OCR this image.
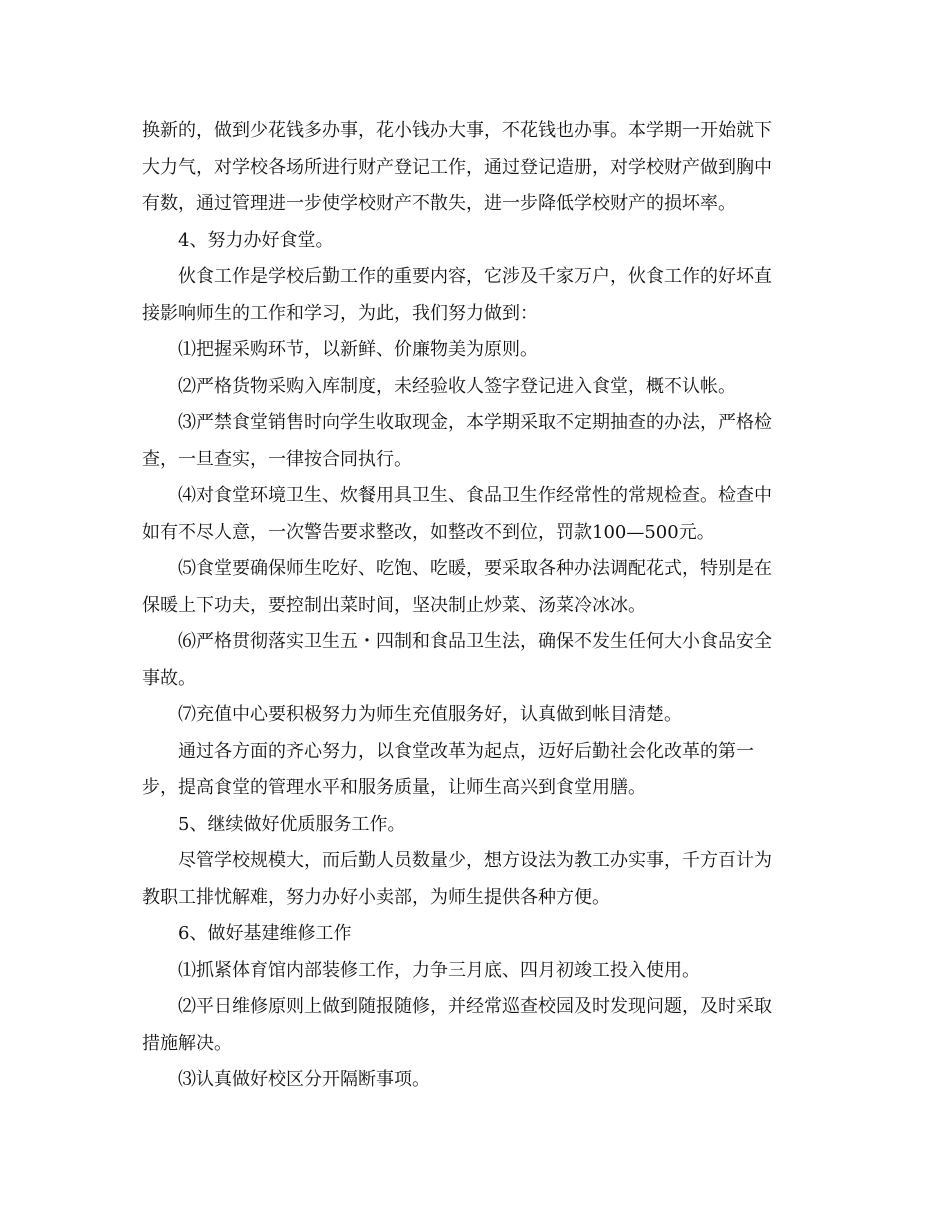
换新的，做到少花钱多办事，花小钱办大事，不花钱也办事。本学期一开始就下
大力气，对学校各场所进行财产登记工作，通过登记造册，对学校财产做到胸中
有数，通过管理进一步使学校财产不散失，进一步降低学校财产的损坏率。

4、努力办好食堂。

伙食工作是学校后勤工作的重要内容，它涉及千家万户，伙食工作的好坏直
接影响师生的工作和学习，为此，我们努力做到：

⑴把握采购环节，以新鲜、价廉物美为原则。

⑵严格货物采购入库制度，未经验收人签字登记进入食堂，概不认帐。

⑶严禁食堂销售时向学生收取现金，本学期采取不定期抽查的办法，严格检
查，一旦查实，一律按合同执行。

⑷对食堂环境卫生、炊餐用具卫生、食品卫生作经常性的常规检查。检查中
如有不尽人意，一次警告要求整改，如整改不到位，罚款100—500元。

⑸食堂要确保师生吃好、吃饱、吃暖，要采取各种办法调配花式，特别是在
保暖上下功夫，要控制出菜时间，坚决制止炒菜、汤菜冷冰冰。

⑹严格贯彻落实卫生五・四制和食品卫生法，确保不发生任何大小食品安全
事故。

⑺充值中心要积极努力为师生充值服务好，认真做到帐目清楚。

通过各方面的齐心努力，以食堂改革为起点，迈好后勤社会化改革的第一
步，提高食堂的管理水平和服务质量，让师生高兴到食堂用膳。

5、继续做好优质服务工作。

尽管学校规模大，而后勤人员数量少，想方设法为教工办实事，千方百计为
教职工排忧解难，努力办好小卖部，为师生提供各种方便。

6、做好基建维修工作

⑴抓紧体育馆内部装修工作，力争三月底、四月初竣工投入使用。

⑵平日维修原则上做到随报随修，并经常巡查校园及时发现问题，及时采取
措施解决。

⑶认真做好校区分开隔断事项。
